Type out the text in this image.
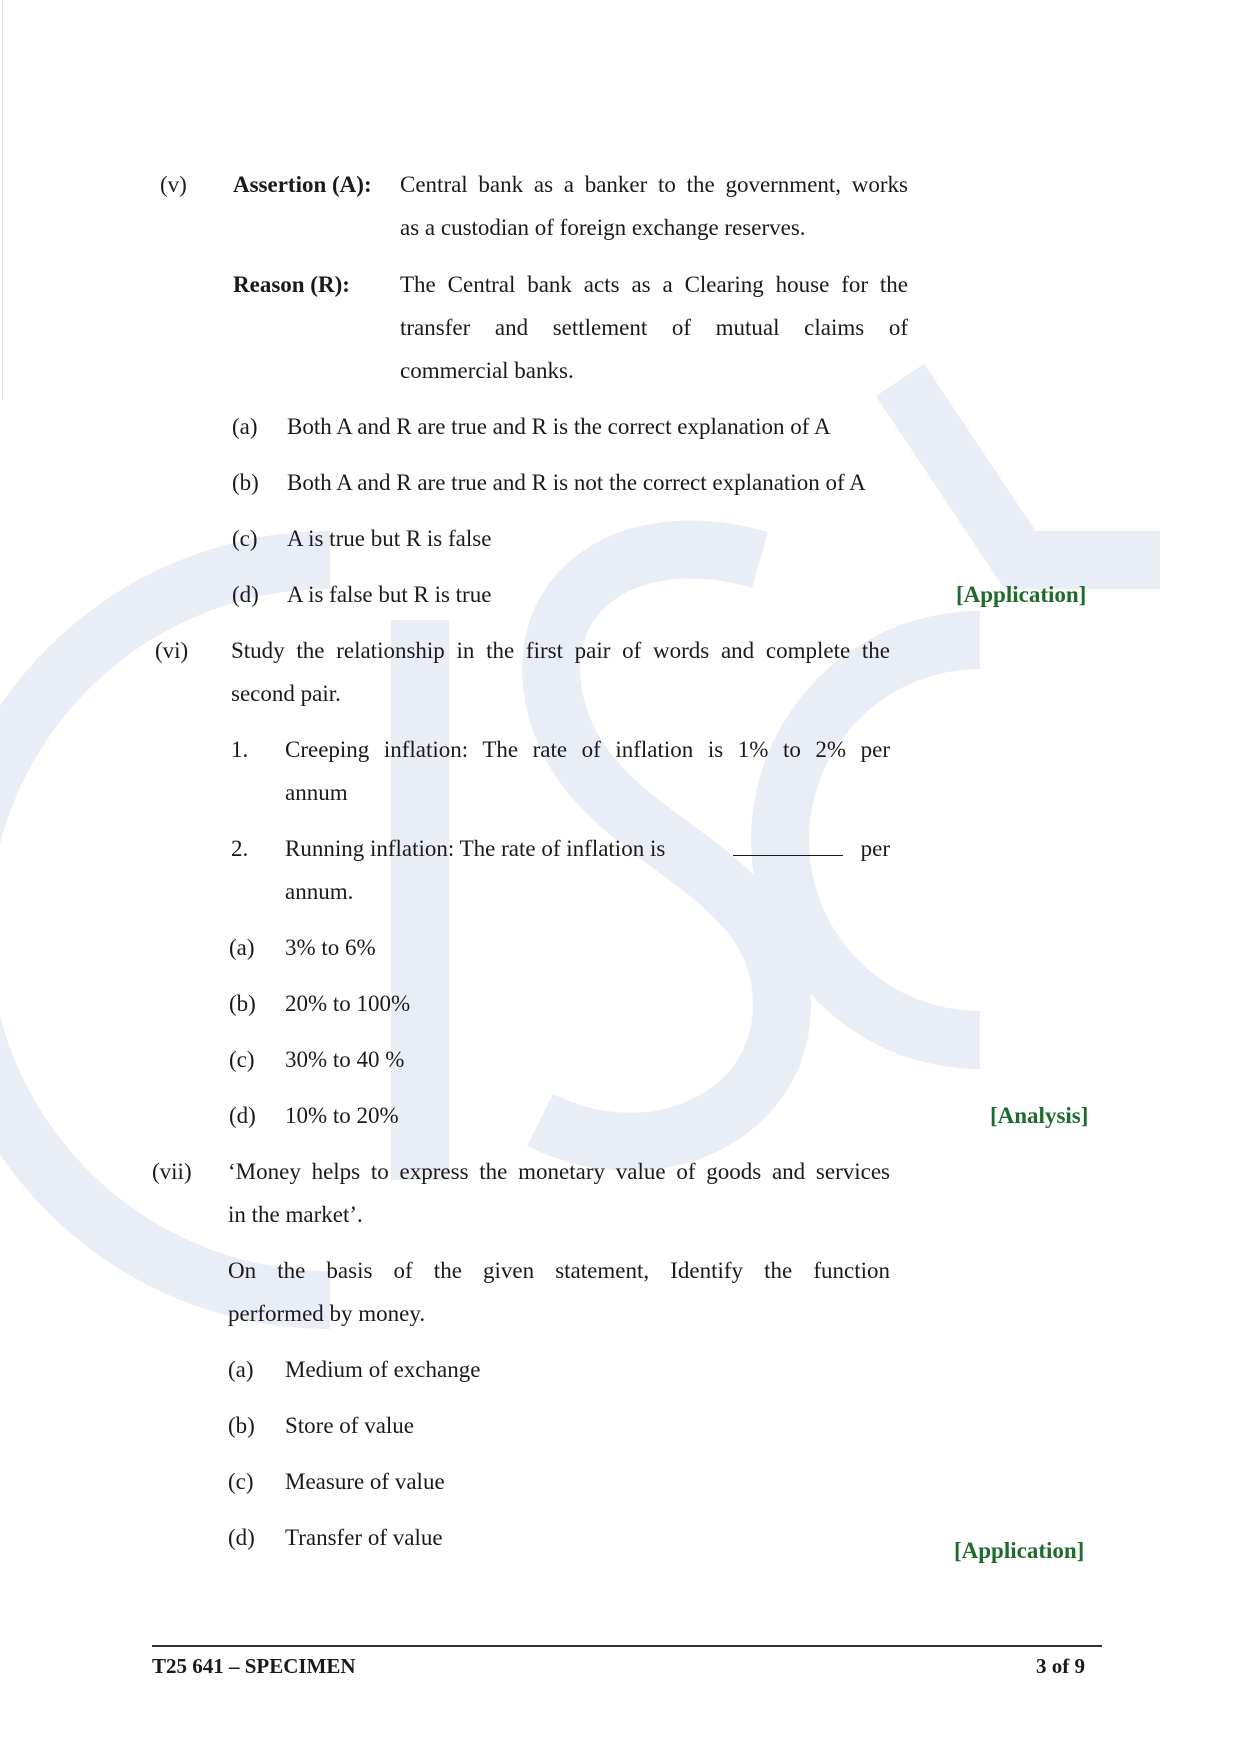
(v) Assertion (A): Central bank as a banker to the government, works
as a custodian of foreign exchange reserves.
Reason (R): The Central bank acts as a Clearing house for the
transfer and settlement of mutual claims of
commercial banks.
(a) Both A and R are true and R is the correct explanation of A
(b) Both A and R are true and R is not the correct explanation of A
(c) A is true but R is false
(d) A is false but R is true	[Application]
(vi) Study the relationship in the first pair of words and complete the
second pair.
1. Creeping inflation: The rate of inflation is 1% to 2% per
annum
2. Running inflation: The rate of inflation is	per
annum.
(a) 3% to 6%
(b) 20% to 100%
(c) 30% to 40 %
(d) 10% to 20%	[Analysis]
(vii) ‘Money helps to express the monetary value of goods and services
in the market’.
On the basis of the given statement, Identify the function
performed by money.
(a) Medium of exchange
(b) Store of value
(c) Measure of value
(d) Transfer of value
[Application]
T25 641 – SPECIMEN	3 of 9
